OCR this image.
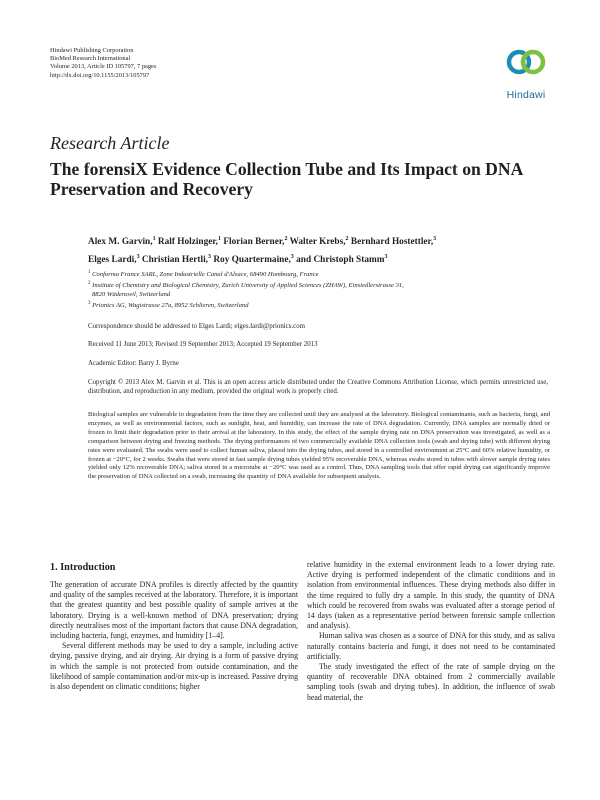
Hindawi Publishing Corporation
BioMed Research International
Volume 2013, Article ID 105797, 7 pages
http://dx.doi.org/10.1155/2013/105797
Hindawi
Research Article
The forensiX Evidence Collection Tube and Its Impact on DNA Preservation and Recovery
Alex M. Garvin,$^1$ Ralf Holzinger,$^1$ Florian Berner,$^2$ Walter Krebs,$^2$ Bernhard Hostettler,$^3$
Elges Lardi,$^3$ Christian Hertli,$^3$ Roy Quartermaine,$^3$ and Christoph Stamm$^3$
$^1$ Conformа France SARL, Zone Industrielle Canal d'Alsace, 68490 Hombourg, France
$^2$ Institute of Chemistry and Biological Chemistry, Zurich University of Applied Sciences (ZHAW), Einsiedlerstrasse 31,
8820 Wädenswil, Switzerland
$^3$ Prionics AG, Wagistrasse 27a, 8952 Schlieren, Switzerland
Correspondence should be addressed to Elges Lardi; elges.lardi@prionics.com
Received 11 June 2013; Revised 19 September 2013; Accepted 19 September 2013
Academic Editor: Barry J. Byrne
Copyright © 2013 Alex M. Garvin et al. This is an open access article distributed under the Creative Commons Attribution License, which permits unrestricted use, distribution, and reproduction in any medium, provided the original work is properly cited.
Biological samples are vulnerable to degradation from the time they are collected until they are analysed at the laboratory. Biological contaminants, such as bacteria, fungi, and enzymes, as well as environmental factors, such as sunlight, heat, and humidity, can increase the rate of DNA degradation. Currently, DNA samples are normally dried or frozen to limit their degradation prior to their arrival at the laboratory. In this study, the effect of the sample drying rate on DNA preservation was investigated, as well as a comparison between drying and freezing methods. The drying performances of two commercially available DNA collection tools (swab and drying tube) with different drying rates were evaluated. The swabs were used to collect human saliva, placed into the drying tubes, and stored in a controlled environment at 25°C and 60% relative humidity, or frozen at −20°C, for 2 weeks. Swabs that were stored in fast sample drying tubes yielded 95% recoverable DNA, whereas swabs stored in tubes with slower sample drying rates yielded only 12% recoverable DNA; saliva stored in a microtube at −20°C was used as a control. Thus, DNA sampling tools that offer rapid drying can significantly improve the preservation of DNA collected on a swab, increasing the quantity of DNA available for subsequent analysis.
1. Introduction

The generation of accurate DNA profiles is directly affected by the quantity and quality of the samples received at the laboratory. Therefore, it is important that the greatest quantity and best possible quality of sample arrives at the laboratory. Drying is a well-known method of DNA preservation; drying directly neutralises most of the important factors that cause DNA degradation, including bacteria, fungi, enzymes, and humidity [1–4].

Several different methods may be used to dry a sample, including active drying, passive drying, and air drying. Air drying is a form of passive drying in which the sample is not protected from outside contamination, and the likelihood of sample contamination and/or mix-up is increased. Passive drying is also dependent on climatic conditions; higher

relative humidity in the external environment leads to a lower drying rate. Active drying is performed independent of the climatic conditions and in isolation from environmental influences. These drying methods also differ in the time required to fully dry a sample. In this study, the quantity of DNA which could be recovered from swabs was evaluated after a storage period of 14 days (taken as a representative period between forensic sample collection and analysis).

Human saliva was chosen as a source of DNA for this study, and as saliva naturally contains bacteria and fungi, it does not need to be contaminated artificially.

The study investigated the effect of the rate of sample drying on the quantity of recoverable DNA obtained from 2 commercially available sampling tools (swab and drying tubes). In addition, the influence of swab head material, the
